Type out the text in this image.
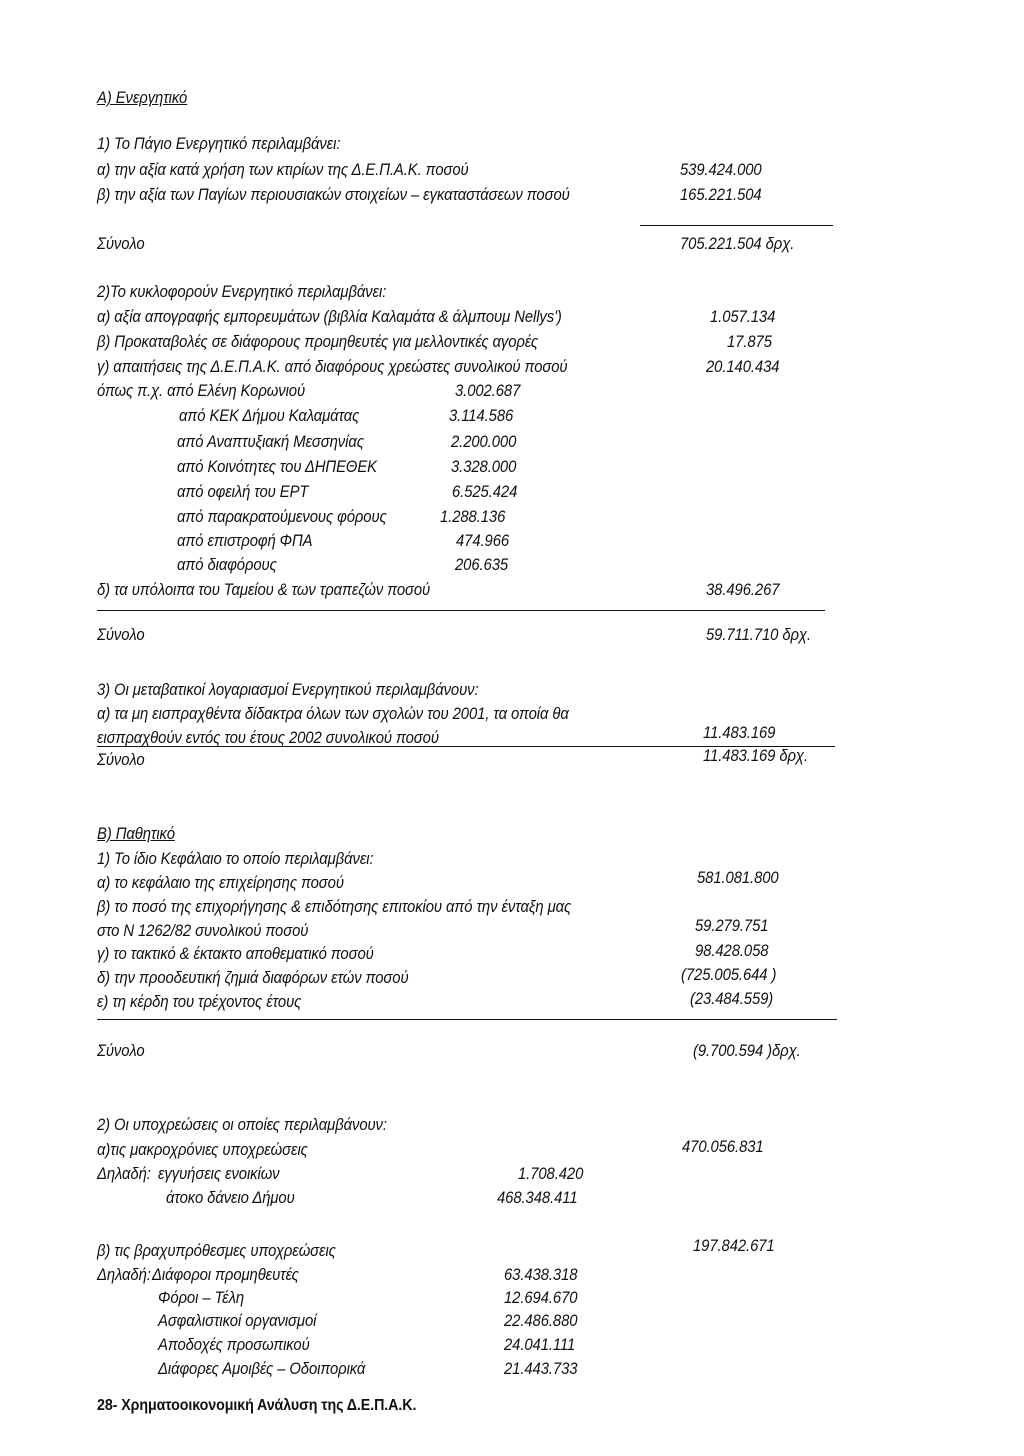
Α) Ενεργητικό
1) Το Πάγιο Ενεργητικό περιλαμβάνει:
α) την αξία κατά χρήση των κτιρίων της Δ.Ε.Π.Α.Κ. ποσού	539.424.000
β) την αξία των Παγίων περιουσιακών στοιχείων – εγκαταστάσεων ποσού	165.221.504
Σύνολο	705.221.504 δρχ.
2)Το κυκλοφορούν Ενεργητικό περιλαμβάνει:
α) αξία απογραφής εμπορευμάτων (βιβλία Καλαμάτα & άλμπουμ Nellys')	1.057.134
β) Προκαταβολές σε διάφορους προμηθευτές για μελλοντικές αγορές	17.875
γ) απαιτήσεις της Δ.Ε.Π.Α.Κ. από διαφόρους χρεώστες συνολικού ποσού	20.140.434
όπως π.χ. από Ελένη Κορωνιού	3.002.687
από ΚΕΚ Δήμου Καλαμάτας	3.114.586
από Αναπτυξιακή Μεσσηνίας	2.200.000
από Κοινότητες του ΔΗΠΕΘΕΚ	3.328.000
από οφειλή του ΕΡΤ	6.525.424
από παρακρατούμενους φόρους	1.288.136
από επιστροφή ΦΠΑ	474.966
από διαφόρους	206.635
δ) τα υπόλοιπα του Ταμείου & των τραπεζών ποσού	38.496.267
Σύνολο	59.711.710 δρχ.
3) Οι μεταβατικοί λογαριασμοί Ενεργητικού περιλαμβάνουν:
α) τα μη εισπραχθέντα δίδακτρα όλων των σχολών του 2001, τα οποία θα
εισπραχθούν εντός του έτους 2002 συνολικού ποσού	11.483.169
Σύνολο	11.483.169 δρχ.
Β) Παθητικό
1) Το ίδιο Κεφάλαιο το οποίο περιλαμβάνει:
α) το κεφάλαιο της επιχείρησης ποσού	581.081.800
β) το ποσό της επιχορήγησης & επιδότησης επιτοκίου από την ένταξη μας
στο Ν 1262/82 συνολικού ποσού	59.279.751
γ) το τακτικό & έκτακτο αποθεματικό ποσού	98.428.058
δ) την προοδευτική ζημιά διαφόρων ετών ποσού	(725.005.644 )
ε) τη κέρδη του τρέχοντος έτους	(23.484.559)
Σύνολο	(9.700.594 )δρχ.
2) Οι υποχρεώσεις οι οποίες περιλαμβάνουν:
α)τις μακροχρόνιες υποχρεώσεις	470.056.831
Δηλαδή: εγγυήσεις ενοικίων	1.708.420
άτοκο δάνειο Δήμου	468.348.411
β) τις βραχυπρόθεσμες υποχρεώσεις	197.842.671
Δηλαδή: Διάφοροι προμηθευτές	63.438.318
Φόροι – Τέλη	12.694.670
Ασφαλιστικοί οργανισμοί	22.486.880
Αποδοχές προσωπικού	24.041.111
Διάφορες Αμοιβές – Οδοιπορικά	21.443.733
28- Χρηματοοικονομική Ανάλυση της Δ.Ε.Π.Α.Κ.
